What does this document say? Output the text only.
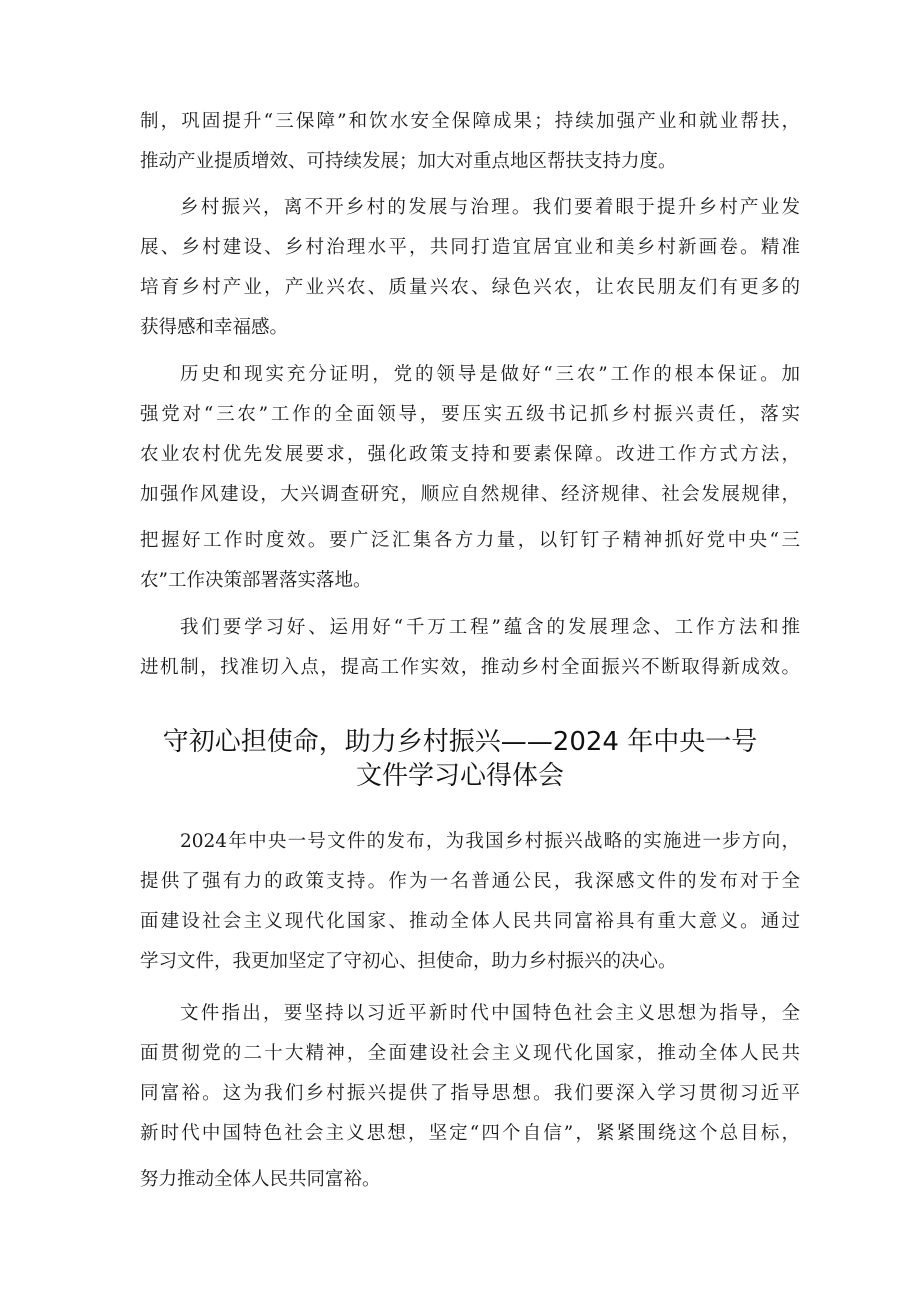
制，巩固提升“三保障”和饮水安全保障成果；持续加强产业和就业帮扶，
推动产业提质增效、可持续发展；加大对重点地区帮扶支持力度。
乡村振兴，离不开乡村的发展与治理。我们要着眼于提升乡村产业发
展、乡村建设、乡村治理水平，共同打造宜居宜业和美乡村新画卷。精准
培育乡村产业，产业兴农、质量兴农、绿色兴农，让农民朋友们有更多的
获得感和幸福感。
历史和现实充分证明，党的领导是做好“三农”工作的根本保证。加
强党对“三农”工作的全面领导，要压实五级书记抓乡村振兴责任，落实
农业农村优先发展要求，强化政策支持和要素保障。改进工作方式方法，
加强作风建设，大兴调查研究，顺应自然规律、经济规律、社会发展规律，
把握好工作时度效。要广泛汇集各方力量，以钉钉子精神抓好党中央“三
农”工作决策部署落实落地。
我们要学习好、运用好“千万工程”蕴含的发展理念、工作方法和推
进机制，找准切入点，提高工作实效，推动乡村全面振兴不断取得新成效。
守初心担使命，助力乡村振兴——2024 年中央一号
文件学习心得体会
2024年中央一号文件的发布，为我国乡村振兴战略的实施进一步方向，
提供了强有力的政策支持。作为一名普通公民，我深感文件的发布对于全
面建设社会主义现代化国家、推动全体人民共同富裕具有重大意义。通过
学习文件，我更加坚定了守初心、担使命，助力乡村振兴的决心。
文件指出，要坚持以习近平新时代中国特色社会主义思想为指导，全
面贯彻党的二十大精神，全面建设社会主义现代化国家，推动全体人民共
同富裕。这为我们乡村振兴提供了指导思想。我们要深入学习贯彻习近平
新时代中国特色社会主义思想，坚定“四个自信”，紧紧围绕这个总目标，
努力推动全体人民共同富裕。
